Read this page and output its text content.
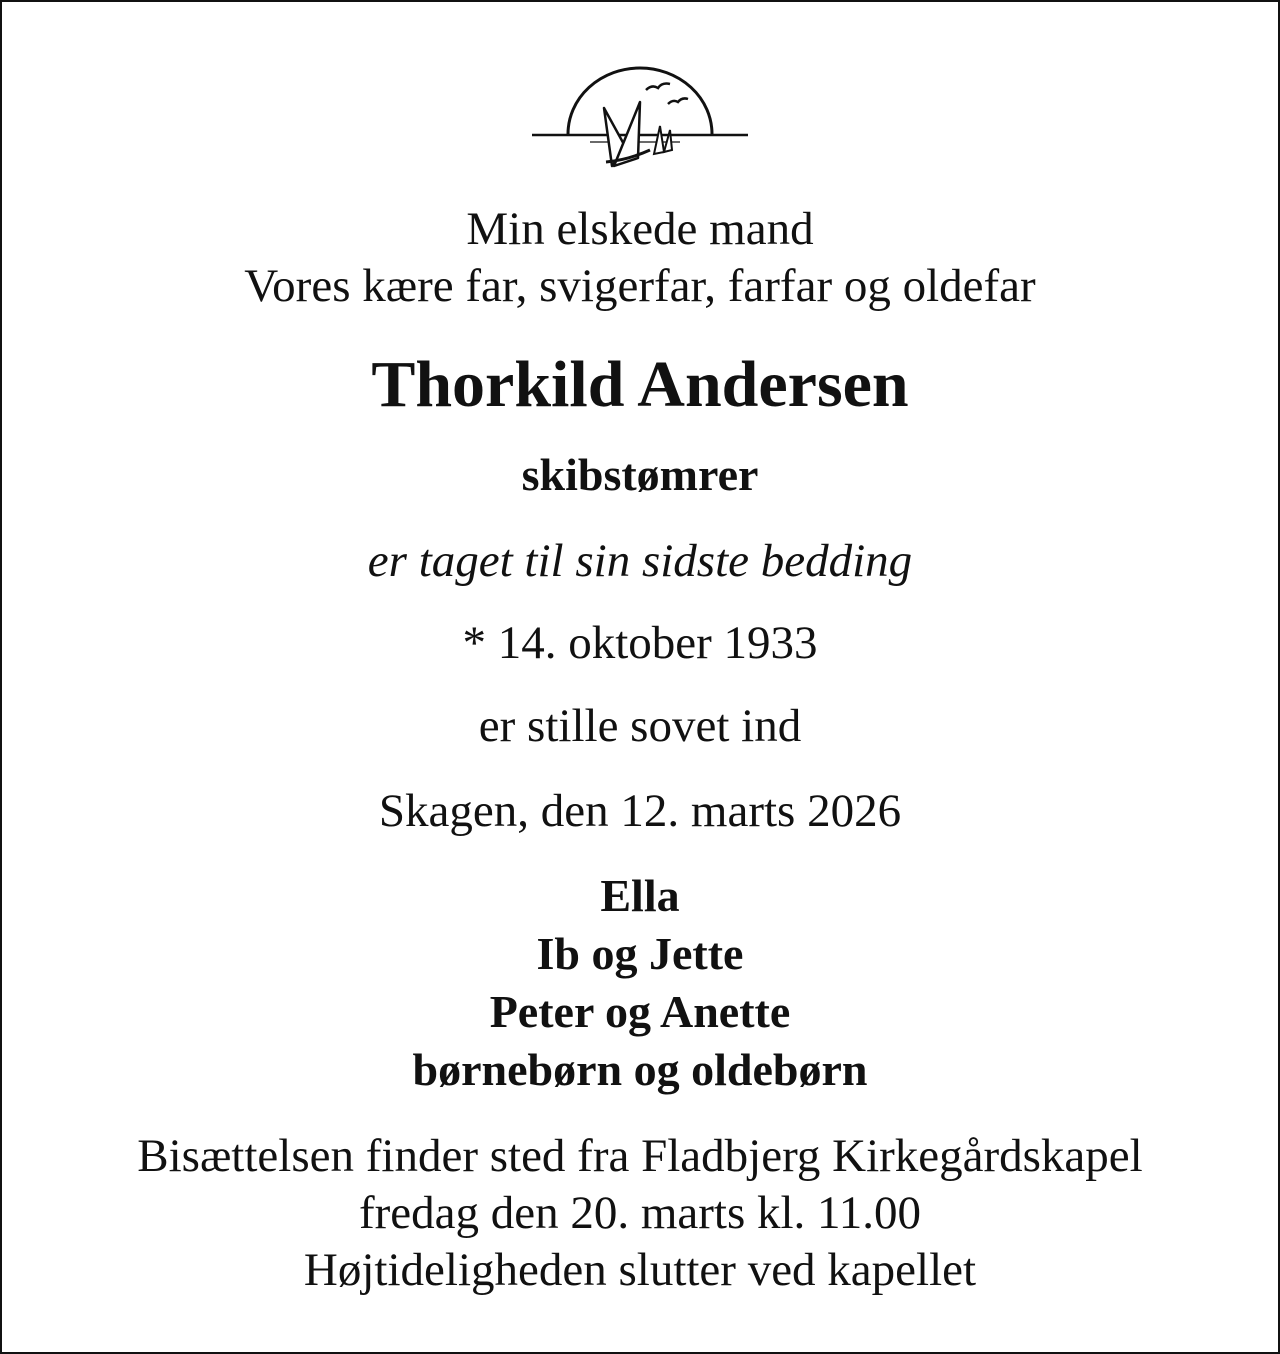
Min elskede mand
Vores kære far, svigerfar, farfar og oldefar
Thorkild Andersen
skibstømrer
er taget til sin sidste bedding
* 14. oktober 1933
er stille sovet ind
Skagen, den 12. marts 2026
Ella
Ib og Jette
Peter og Anette
børnebørn og oldebørn
Bisættelsen finder sted fra Fladbjerg Kirkegårdskapel
fredag den 20. marts kl. 11.00
Højtideligheden slutter ved kapellet
